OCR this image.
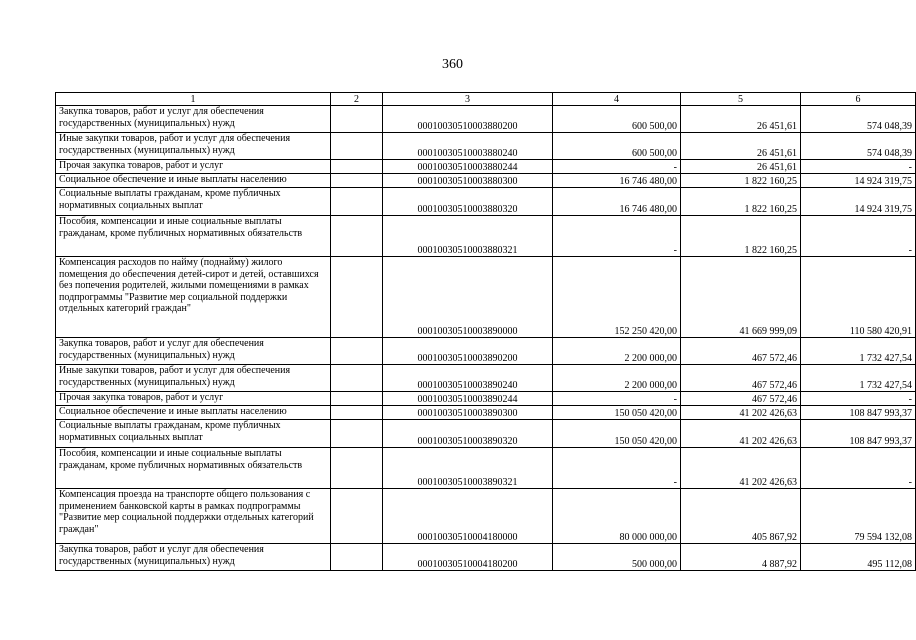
360
1	2	3	4	5	6
Закупка товаров, работ и услуг для обеспечения государственных (муниципальных) нужд		00010030510003880200	600 500,00	26 451,61	574 048,39
Иные закупки товаров, работ и услуг для обеспечения государственных (муниципальных) нужд		00010030510003880240	600 500,00	26 451,61	574 048,39
Прочая закупка товаров, работ и услуг		00010030510003880244	-	26 451,61	-
Социальное обеспечение и иные выплаты населению		00010030510003880300	16 746 480,00	1 822 160,25	14 924 319,75
Социальные выплаты гражданам, кроме публичных нормативных социальных выплат		00010030510003880320	16 746 480,00	1 822 160,25	14 924 319,75
Пособия, компенсации и иные социальные выплаты гражданам, кроме публичных нормативных обязательств		00010030510003880321	-	1 822 160,25	-
Компенсация расходов по найму (поднайму) жилого помещения до обеспечения детей-сирот и детей, оставшихся без попечения родителей, жилыми помещениями в рамках подпрограммы "Развитие мер социальной поддержки отдельных категорий граждан"		00010030510003890000	152 250 420,00	41 669 999,09	110 580 420,91
Закупка товаров, работ и услуг для обеспечения государственных (муниципальных) нужд		00010030510003890200	2 200 000,00	467 572,46	1 732 427,54
Иные закупки товаров, работ и услуг для обеспечения государственных (муниципальных) нужд		00010030510003890240	2 200 000,00	467 572,46	1 732 427,54
Прочая закупка товаров, работ и услуг		00010030510003890244	-	467 572,46	-
Социальное обеспечение и иные выплаты населению		00010030510003890300	150 050 420,00	41 202 426,63	108 847 993,37
Социальные выплаты гражданам, кроме публичных нормативных социальных выплат		00010030510003890320	150 050 420,00	41 202 426,63	108 847 993,37
Пособия, компенсации и иные социальные выплаты гражданам, кроме публичных нормативных обязательств		00010030510003890321	-	41 202 426,63	-
Компенсация проезда на транспорте общего пользования с применением банковской карты в рамках подпрограммы "Развитие мер социальной поддержки отдельных категорий граждан"		00010030510004180000	80 000 000,00	405 867,92	79 594 132,08
Закупка товаров, работ и услуг для обеспечения государственных (муниципальных) нужд		00010030510004180200	500 000,00	4 887,92	495 112,08
